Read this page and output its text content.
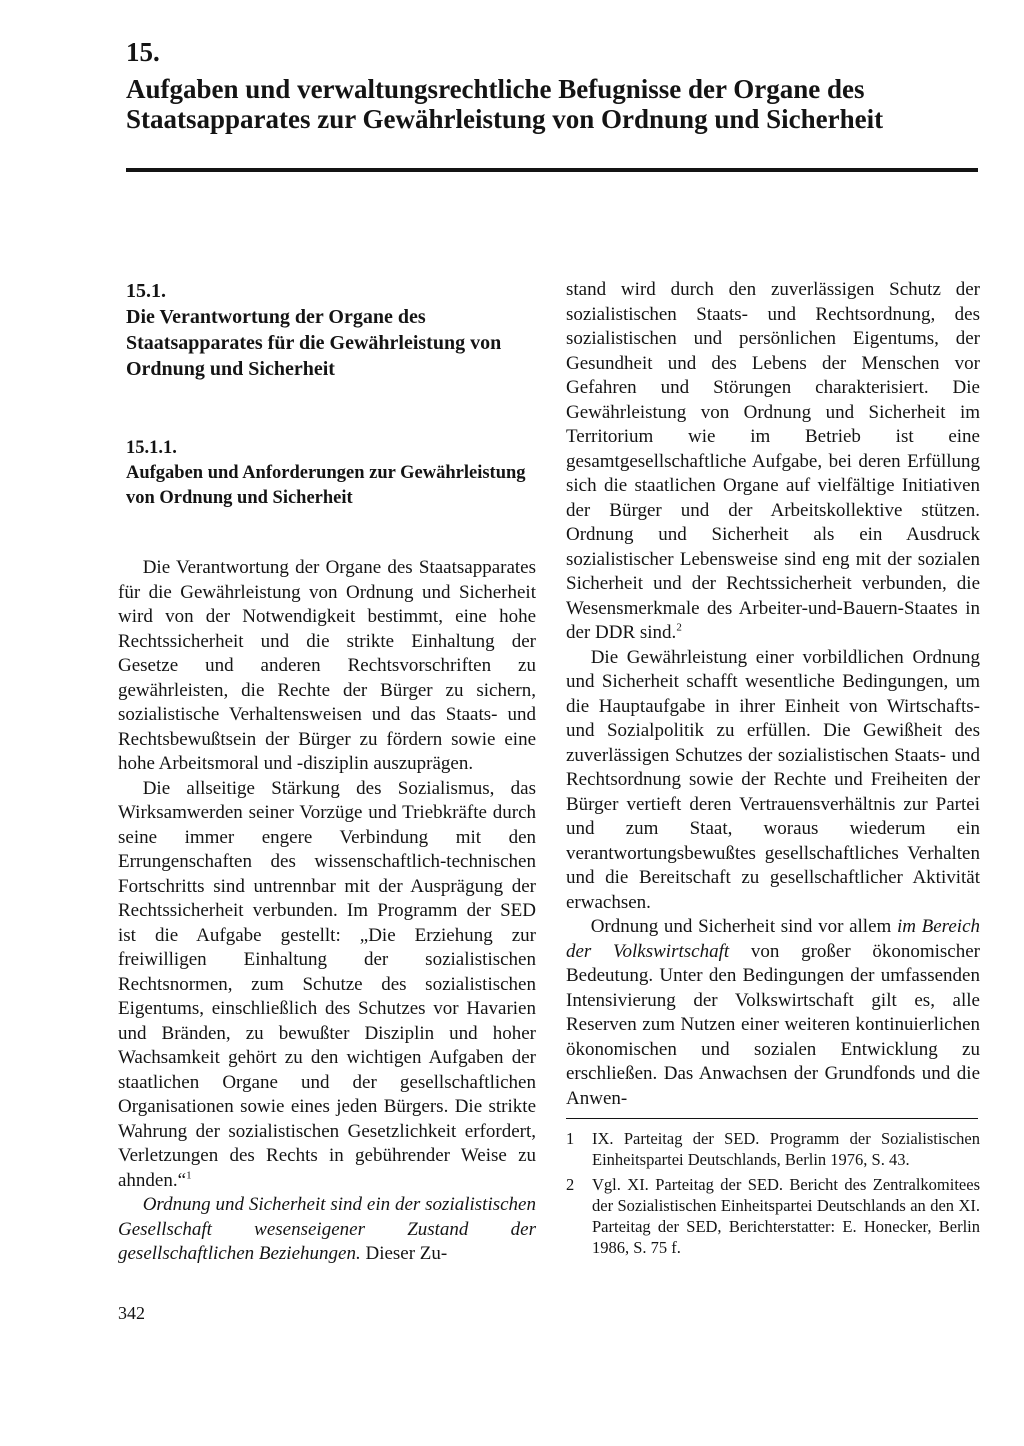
15.
Aufgaben und verwaltungsrechtliche Befugnisse der Organe des Staatsapparates zur Gewährleistung von Ordnung und Sicherheit
15.1.
Die Verantwortung der Organe des Staatsapparates für die Gewährleistung von Ordnung und Sicherheit
15.1.1.
Aufgaben und Anforderungen zur Gewährleistung von Ordnung und Sicherheit

Die Verantwortung der Organe des Staatsapparates für die Gewährleistung von Ordnung und Sicherheit wird von der Notwendigkeit bestimmt, eine hohe Rechtssicherheit und die strikte Einhaltung der Gesetze und anderen Rechtsvorschriften zu gewährleisten, die Rechte der Bürger zu sichern, sozialistische Verhaltensweisen und das Staats- und Rechtsbewußtsein der Bürger zu fördern sowie eine hohe Arbeitsmoral und -disziplin auszuprägen.

Die allseitige Stärkung des Sozialismus, das Wirksamwerden seiner Vorzüge und Triebkräfte durch seine immer engere Verbindung mit den Errungenschaften des wissenschaftlich-technischen Fortschritts sind untrennbar mit der Ausprägung der Rechtssicherheit verbunden. Im Programm der SED ist die Aufgabe gestellt: „Die Erziehung zur freiwilligen Einhaltung der sozialistischen Rechtsnormen, zum Schutze des sozialistischen Eigentums, einschließlich des Schutzes vor Havarien und Bränden, zu bewußter Disziplin und hoher Wachsamkeit gehört zu den wichtigen Aufgaben der staatlichen Organe und der gesellschaftlichen Organisationen sowie eines jeden Bürgers. Die strikte Wahrung der sozialistischen Gesetzlichkeit erfordert, Verletzungen des Rechts in gebührender Weise zu ahnden.“$^1$

Ordnung und Sicherheit sind ein der sozialistischen Gesellschaft wesenseigener Zustand der gesellschaftlichen Beziehungen. Dieser Zu-

stand wird durch den zuverlässigen Schutz der sozialistischen Staats- und Rechtsordnung, des sozialistischen und persönlichen Eigentums, der Gesundheit und des Lebens der Menschen vor Gefahren und Störungen charakterisiert. Die Gewährleistung von Ordnung und Sicherheit im Territorium wie im Betrieb ist eine gesamtgesellschaftliche Aufgabe, bei deren Erfüllung sich die staatlichen Organe auf vielfältige Initiativen der Bürger und der Arbeitskollektive stützen. Ordnung und Sicherheit als ein Ausdruck sozialistischer Lebensweise sind eng mit der sozialen Sicherheit und der Rechtssicherheit verbunden, die Wesensmerkmale des Arbeiter-und-Bauern-Staates in der DDR sind.$^2$

Die Gewährleistung einer vorbildlichen Ordnung und Sicherheit schafft wesentliche Bedingungen, um die Hauptaufgabe in ihrer Einheit von Wirtschafts- und Sozialpolitik zu erfüllen. Die Gewißheit des zuverlässigen Schutzes der sozialistischen Staats- und Rechtsordnung sowie der Rechte und Freiheiten der Bürger vertieft deren Vertrauensverhältnis zur Partei und zum Staat, woraus wiederum ein verantwortungsbewußtes gesellschaftliches Verhalten und die Bereitschaft zu gesellschaftlicher Aktivität erwachsen.

Ordnung und Sicherheit sind vor allem im Bereich der Volkswirtschaft von großer ökonomischer Bedeutung. Unter den Bedingungen der umfassenden Intensivierung der Volkswirtschaft gilt es, alle Reserven zum Nutzen einer weiteren kontinuierlichen ökonomischen und sozialen Entwicklung zu erschließen. Das Anwachsen der Grundfonds und die Anwen-

1	IX. Parteitag der SED. Programm der Sozialistischen Einheitspartei Deutschlands, Berlin 1976, S. 43.
2	Vgl. XI. Parteitag der SED. Bericht des Zentralkomitees der Sozialistischen Einheitspartei Deutschlands an den XI. Parteitag der SED, Berichterstatter: E. Honecker, Berlin 1986, S. 75 f.
342
